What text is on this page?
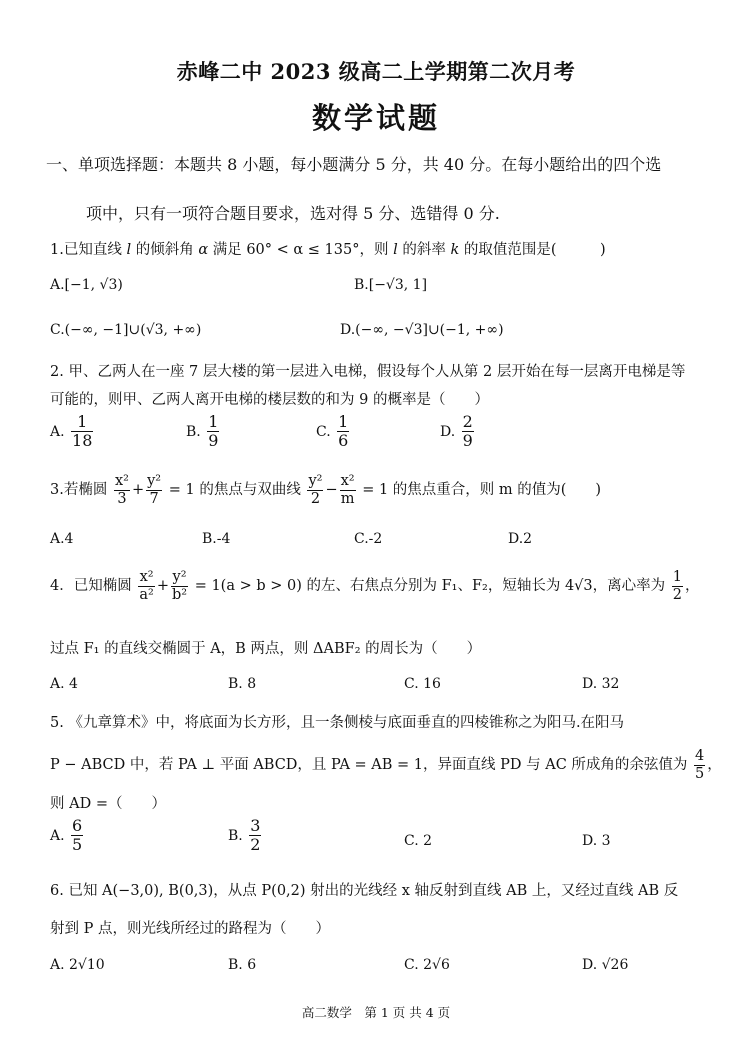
赤峰二中 2023 级高二上学期第二次月考
数学试题
一、单项选择题：本题共 8 小题，每小题满分 5 分，共 40 分。在每小题给出的四个选
项中，只有一项符合题目要求，选对得 5 分、选错得 0 分.
1.已知直线 l 的倾斜角 α 满足 60° < α ≤ 135°，则 l 的斜率 k 的取值范围是(　　　)
A.[−1, √3)	B.[−√3, 1]
C.(−∞, −1]∪(√3, +∞)	D.(−∞, −√3]∪(−1, +∞)
2. 甲、乙两人在一座 7 层大楼的第一层进入电梯，假设每个人从第 2 层开始在每一层离开电梯是等
可能的，则甲、乙两人离开电梯的楼层数的和为 9 的概率是（　　）
A. $\frac{1}{18}$	B. $\frac{1}{9}$	C. $\frac{1}{6}$	D. $\frac{2}{9}$
3.若椭圆 $\frac{\text{x²}}{3} + \frac{\text{y²}}{7} = 1$ 的焦点与双曲线 $\frac{\text{y²}}{2} - \frac{\text{x²}}{m} = 1$ 的焦点重合，则 m 的值为(　　)
A.4	B.-4	C.-2	D.2
4．已知椭圆 $\frac{\text{x²}}{\text{a²}} + \frac{\text{y²}}{\text{b²}} = 1(a > b > 0)$ 的左、右焦点分别为 F₁、F₂，短轴长为 4√3，离心率为 $\frac{1}{2}$ ，
过点 F₁ 的直线交椭圆于 A，B 两点，则 ΔABF₂ 的周长为（　　）
A. 4	B. 8	C. 16	D. 32
5. 《九章算术》中，将底面为长方形，且一条侧棱与底面垂直的四棱锥称之为阳马.在阳马
P − ABCD 中，若 PA ⊥ 平面 ABCD，且 PA = AB = 1，异面直线 PD 与 AC 所成角的余弦值为 $\frac{4}{5}$ ，
则 AD =（　　）
A. $\frac{6}{5}$	B. $\frac{3}{2}$	C. 2	D. 3
6. 已知 A(−3,0), B(0,3)，从点 P(0,2) 射出的光线经 x 轴反射到直线 AB 上，又经过直线 AB 反
射到 P 点，则光线所经过的路程为（　　）
A. 2√10	B. 6	C. 2√6	D. √26
高二数学　第 1 页 共 4 页
